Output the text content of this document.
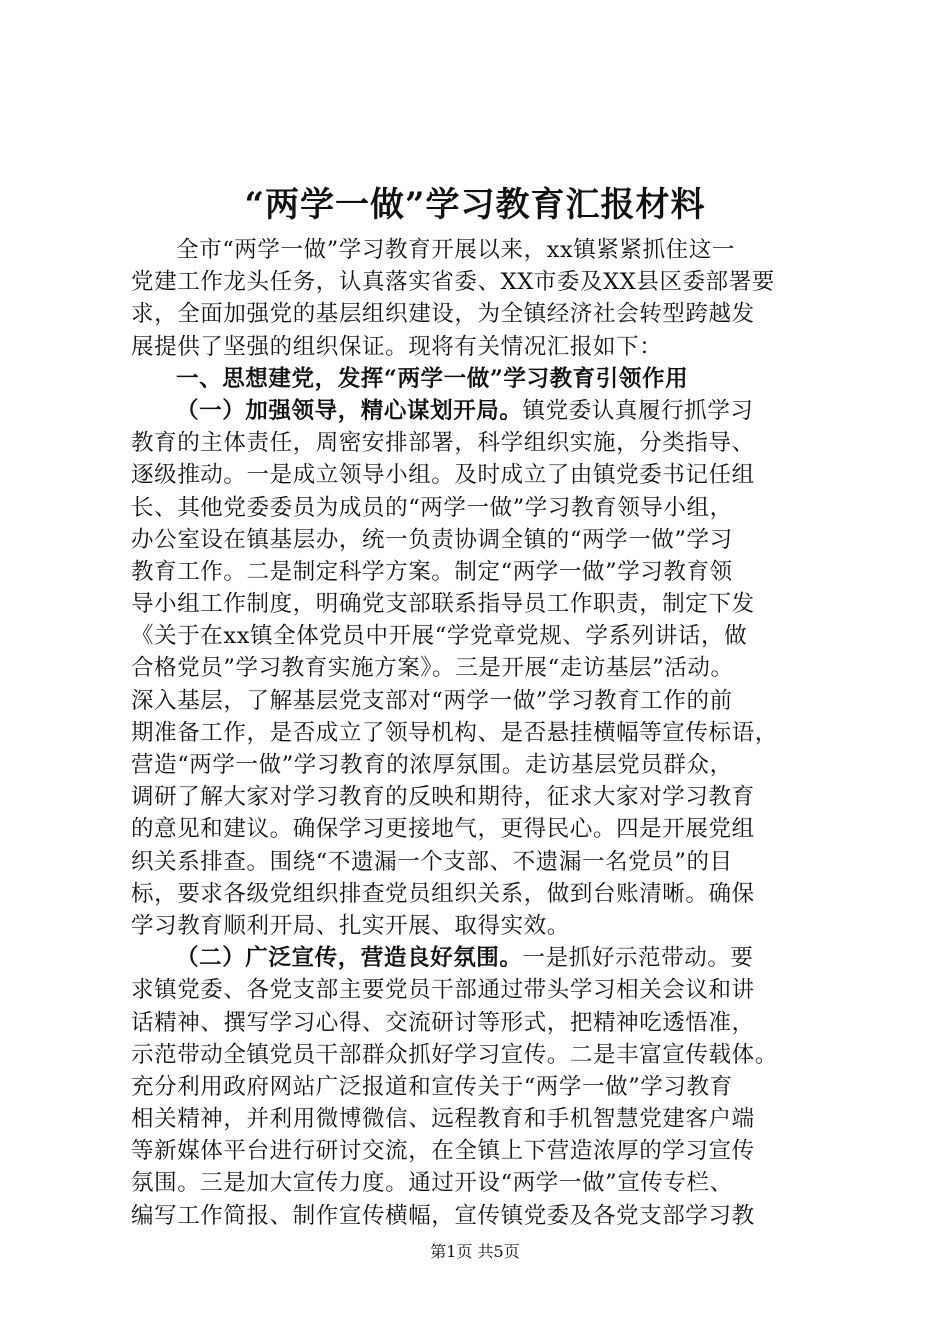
“两学一做”学习教育汇报材料
全市“两学一做”学习教育开展以来，xx镇紧紧抓住这一
党建工作龙头任务，认真落实省委、XX市委及XX县区委部署要
求，全面加强党的基层组织建设，为全镇经济社会转型跨越发
展提供了坚强的组织保证。现将有关情况汇报如下：
一、思想建党，发挥“两学一做”学习教育引领作用
（一）加强领导，精心谋划开局。镇党委认真履行抓学习
教育的主体责任，周密安排部署，科学组织实施，分类指导、
逐级推动。一是成立领导小组。及时成立了由镇党委书记任组
长、其他党委委员为成员的“两学一做”学习教育领导小组，
办公室设在镇基层办，统一负责协调全镇的“两学一做”学习
教育工作。二是制定科学方案。制定“两学一做”学习教育领
导小组工作制度，明确党支部联系指导员工作职责，制定下发
《关于在xx镇全体党员中开展“学党章党规、学系列讲话，做
合格党员”学习教育实施方案》。三是开展“走访基层”活动。
深入基层，了解基层党支部对“两学一做”学习教育工作的前
期准备工作，是否成立了领导机构、是否悬挂横幅等宣传标语，
营造“两学一做”学习教育的浓厚氛围。走访基层党员群众，
调研了解大家对学习教育的反映和期待，征求大家对学习教育
的意见和建议。确保学习更接地气，更得民心。四是开展党组
织关系排查。围绕“不遗漏一个支部、不遗漏一名党员”的目
标，要求各级党组织排查党员组织关系，做到台账清晰。确保
学习教育顺利开局、扎实开展、取得实效。
（二）广泛宣传，营造良好氛围。一是抓好示范带动。要
求镇党委、各党支部主要党员干部通过带头学习相关会议和讲
话精神、撰写学习心得、交流研讨等形式，把精神吃透悟准，
示范带动全镇党员干部群众抓好学习宣传。二是丰富宣传载体。
充分利用政府网站广泛报道和宣传关于“两学一做”学习教育
相关精神，并利用微博微信、远程教育和手机智慧党建客户端
等新媒体平台进行研讨交流，在全镇上下营造浓厚的学习宣传
氛围。三是加大宣传力度。通过开设“两学一做”宣传专栏、
编写工作简报、制作宣传横幅，宣传镇党委及各党支部学习教
第1页 共5页
